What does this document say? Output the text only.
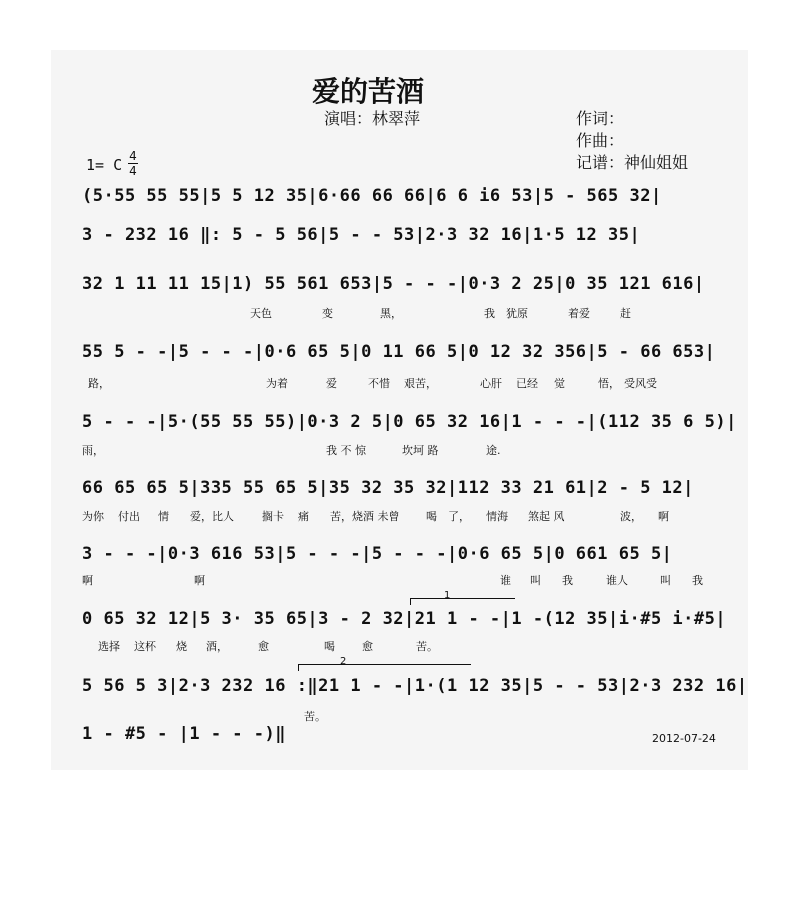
爱的苦酒
演唱：林翠萍	作词：
作曲：
记谱：神仙姐姐
1= C 4
4
(5·55 55 55|5 5 12 35|6·66 66 66|6 6 i6 53|5 - 565 32|
3 - 232 16 ‖: 5 - 5 56|5 - - 53|2·3 32 16|1·5 12 35|
32 1 11 11 15|1) 55 561 653|5 - - -|0·3 2 25|0 35 121 616|
55 5 - -|5 - - -|0·6 65 5|0 11 66 5|0 12 32 356|5 - 66 653|
5 - - -|5·(55 55 55)|0·3 2 5|0 65 32 16|1 - - -|(112 35 6 5)|
66 65 65 5|335 55 65 5|35 32 35 32|112 33 21 61|2 - 5 12|
3 - - -|0·3 616 53|5 - - -|5 - - -|0·6 65 5|0 661 65 5|
0 65 32 12|5 3· 35 65|3 - 2 32|21 1 - -|1 -(12 35|i·#5 i·#5|
5 56 5 3|2·3 232 16 :‖21 1 - -|1·(1 12 35|5 - - 53|2·3 232 16|
1 - #5 - |1 - - -)‖
1
2
天色	变	黑，	我 犹原	着爱	赶
路，	为着	爱	不惜 艰苦，	心肝 已经 觉	悟， 受风受
雨，	我 不 惊	坎坷 路	途.
为你 付出 情 爱，比人	搁卡 痛 苦，烧酒 未曾 喝 了， 情海 煞起 风	波， 啊
啊	啊	谁 叫 我	谁人	叫 我
选择 这杯 烧 酒，	愈	喝 愈	苦。
苦。
2012-07-24
